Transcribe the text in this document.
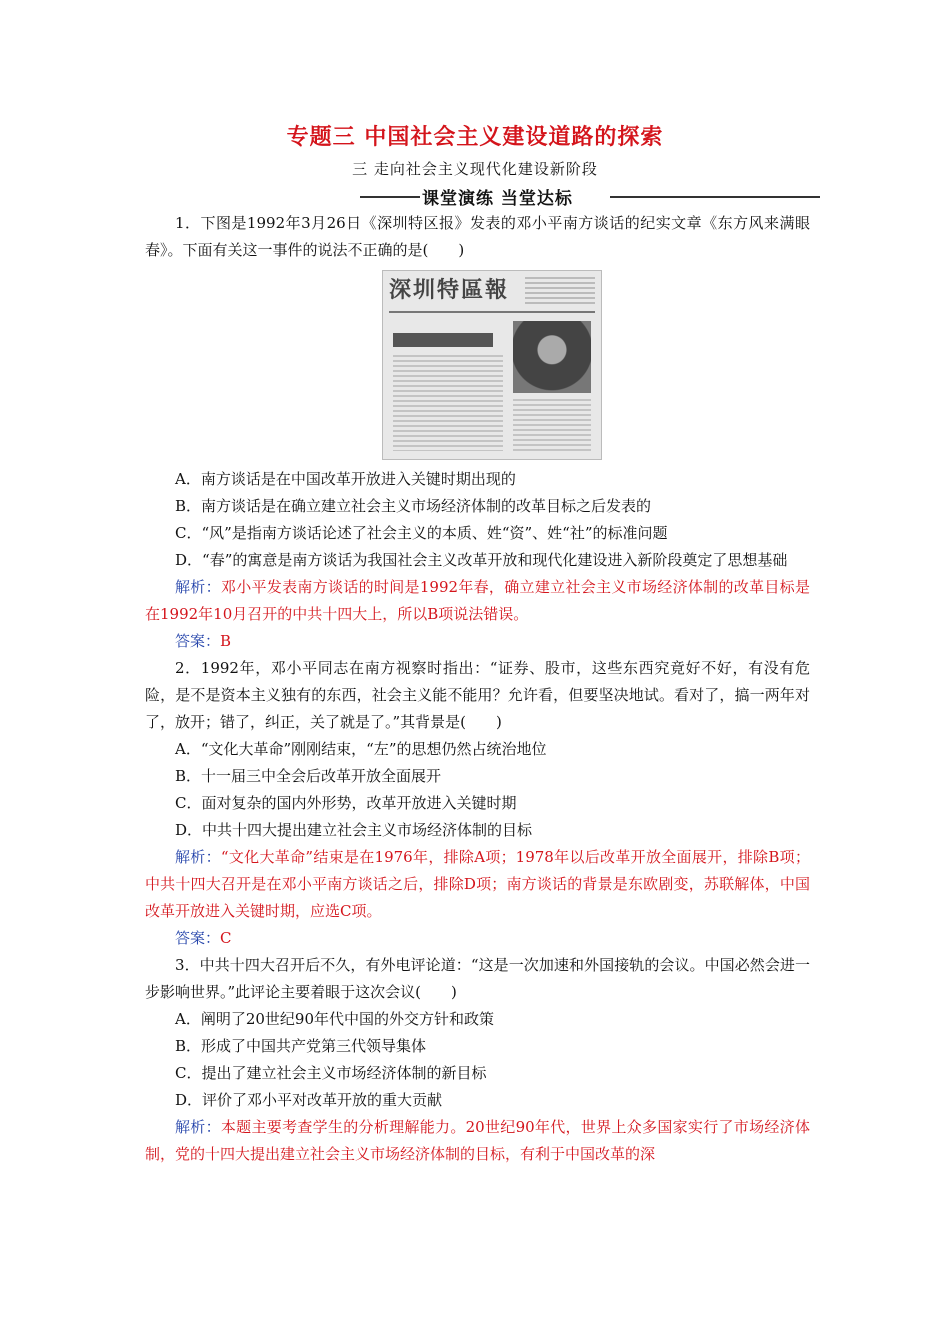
专题三 中国社会主义建设道路的探索
三 走向社会主义现代化建设新阶段
课堂演练 当堂达标

1．下图是1992年3月26日《深圳特区报》发表的邓小平南方谈话的纪实文章《东方风来满眼春》。下面有关这一事件的说法不正确的是(　　)

深圳特區報

A．南方谈话是在中国改革开放进入关键时期出现的

B．南方谈话是在确立建立社会主义市场经济体制的改革目标之后发表的

C．“风”是指南方谈话论述了社会主义的本质、姓“资”、姓“社”的标准问题

D．“春”的寓意是南方谈话为我国社会主义改革开放和现代化建设进入新阶段奠定了思想基础

解析：邓小平发表南方谈话的时间是1992年春，确立建立社会主义市场经济体制的改革目标是在1992年10月召开的中共十四大上，所以B项说法错误。

答案：B

2．1992年，邓小平同志在南方视察时指出：“证券、股市，这些东西究竟好不好，有没有危险，是不是资本主义独有的东西，社会主义能不能用？允许看，但要坚决地试。看对了，搞一两年对了，放开；错了，纠正，关了就是了。”其背景是(　　)

A．“文化大革命”刚刚结束，“左”的思想仍然占统治地位

B．十一届三中全会后改革开放全面展开

C．面对复杂的国内外形势，改革开放进入关键时期

D．中共十四大提出建立社会主义市场经济体制的目标

解析：“文化大革命”结束是在1976年，排除A项；1978年以后改革开放全面展开，排除B项；中共十四大召开是在邓小平南方谈话之后，排除D项；南方谈话的背景是东欧剧变，苏联解体，中国改革开放进入关键时期，应选C项。

答案：C

3．中共十四大召开后不久，有外电评论道：“这是一次加速和外国接轨的会议。中国必然会进一步影响世界。”此评论主要着眼于这次会议(　　)

A．阐明了20世纪90年代中国的外交方针和政策

B．形成了中国共产党第三代领导集体

C．提出了建立社会主义市场经济体制的新目标

D．评价了邓小平对改革开放的重大贡献

解析：本题主要考查学生的分析理解能力。20世纪90年代，世界上众多国家实行了市场经济体制，党的十四大提出建立社会主义市场经济体制的目标，有利于中国改革的深
